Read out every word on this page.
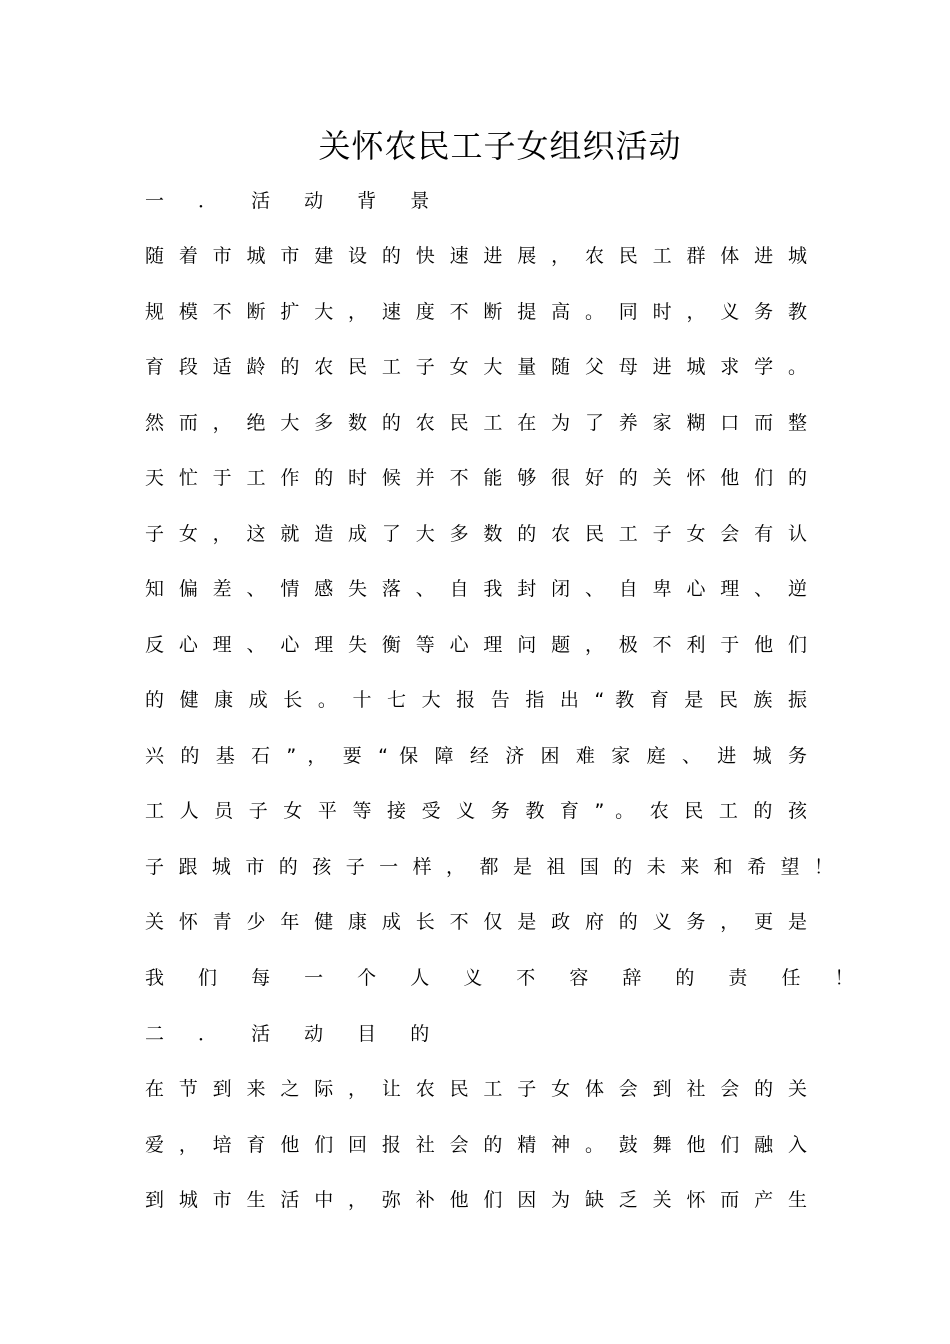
关怀农民工子女组织活动
一 ． 活 动 背 景
随 着 市 城 市 建 设 的 快 速 进 展 ， 农 民 工 群 体 进 城
规 模 不 断 扩 大 ， 速 度 不 断 提 高 。 同 时 ， 义 务 教
育 段 适 龄 的 农 民 工 子 女 大 量 随 父 母 进 城 求 学 。
然 而 ， 绝 大 多 数 的 农 民 工 在 为 了 养 家 糊 口 而 整
天 忙 于 工 作 的 时 候 并 不 能 够 很 好 的 关 怀 他 们 的
子 女 ， 这 就 造 成 了 大 多 数 的 农 民 工 子 女 会 有 认
知 偏 差 、 情 感 失 落 、 自 我 封 闭 、 自 卑 心 理 、 逆
反 心 理 、 心 理 失 衡 等 心 理 问 题 ， 极 不 利 于 他 们
的 健 康 成 长 。 十 七 大 报 告 指 出 “ 教 育 是 民 族 振
兴 的 基 石 ” ， 要 “ 保 障 经 济 困 难 家 庭 、 进 城 务
工 人 员 子 女 平 等 接 受 义 务 教 育 ” 。 农 民 工 的 孩
子 跟 城 市 的 孩 子 一 样 ， 都 是 祖 国 的 未 来 和 希 望 ！
关 怀 青 少 年 健 康 成 长 不 仅 是 政 府 的 义 务 ， 更 是
我 们 每 一 个 人 义 不 容 辞 的 责 任 ！
二 ． 活 动 目 的
在 节 到 来 之 际 ， 让 农 民 工 子 女 体 会 到 社 会 的 关
爱 ， 培 育 他 们 回 报 社 会 的 精 神 。 鼓 舞 他 们 融 入
到 城 市 生 活 中 ， 弥 补 他 们 因 为 缺 乏 关 怀 而 产 生
